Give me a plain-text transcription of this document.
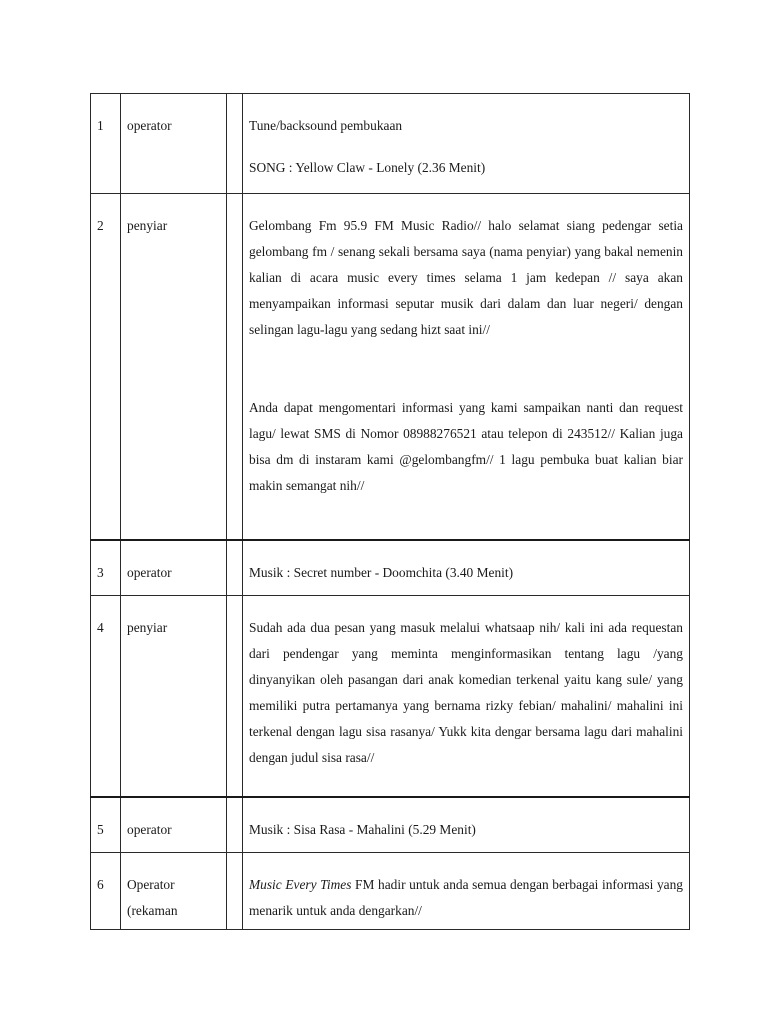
1	operator		Tune/backsound pembukaan

SONG : Yellow Claw - Lonely (2.36 Menit)

2	penyiar		Gelombang Fm 95.9 FM Music Radio// halo selamat siang pedengar setia gelombang fm / senang sekali bersama saya (nama penyiar) yang bakal nemenin kalian di acara music every times selama 1 jam kedepan // saya akan menyampaikan informasi seputar musik dari dalam dan luar negeri/ dengan selingan lagu-lagu yang sedang hizt saat ini//

Anda dapat mengomentari informasi yang kami sampaikan nanti dan request lagu/ lewat SMS di Nomor 08988276521 atau telepon di 243512// Kalian juga bisa dm di instaram kami @gelombangfm// 1 lagu pembuka buat kalian biar makin semangat nih//

3	operator		Musik : Secret number - Doomchita (3.40 Menit)

4	penyiar		Sudah ada dua pesan yang masuk melalui whatsaap nih/ kali ini ada requestan dari pendengar yang meminta menginformasikan tentang lagu /yang dinyanyikan oleh pasangan dari anak komedian terkenal yaitu kang sule/ yang memiliki putra pertamanya yang bernama rizky febian/ mahalini/ mahalini ini terkenal dengan lagu sisa rasanya/ Yukk kita dengar bersama lagu dari mahalini dengan judul sisa rasa//

5	operator		Musik : Sisa Rasa - Mahalini (5.29 Menit)

6	Operator (rekaman		Music Every Times FM hadir untuk anda semua dengan berbagai informasi yang menarik untuk anda dengarkan//
